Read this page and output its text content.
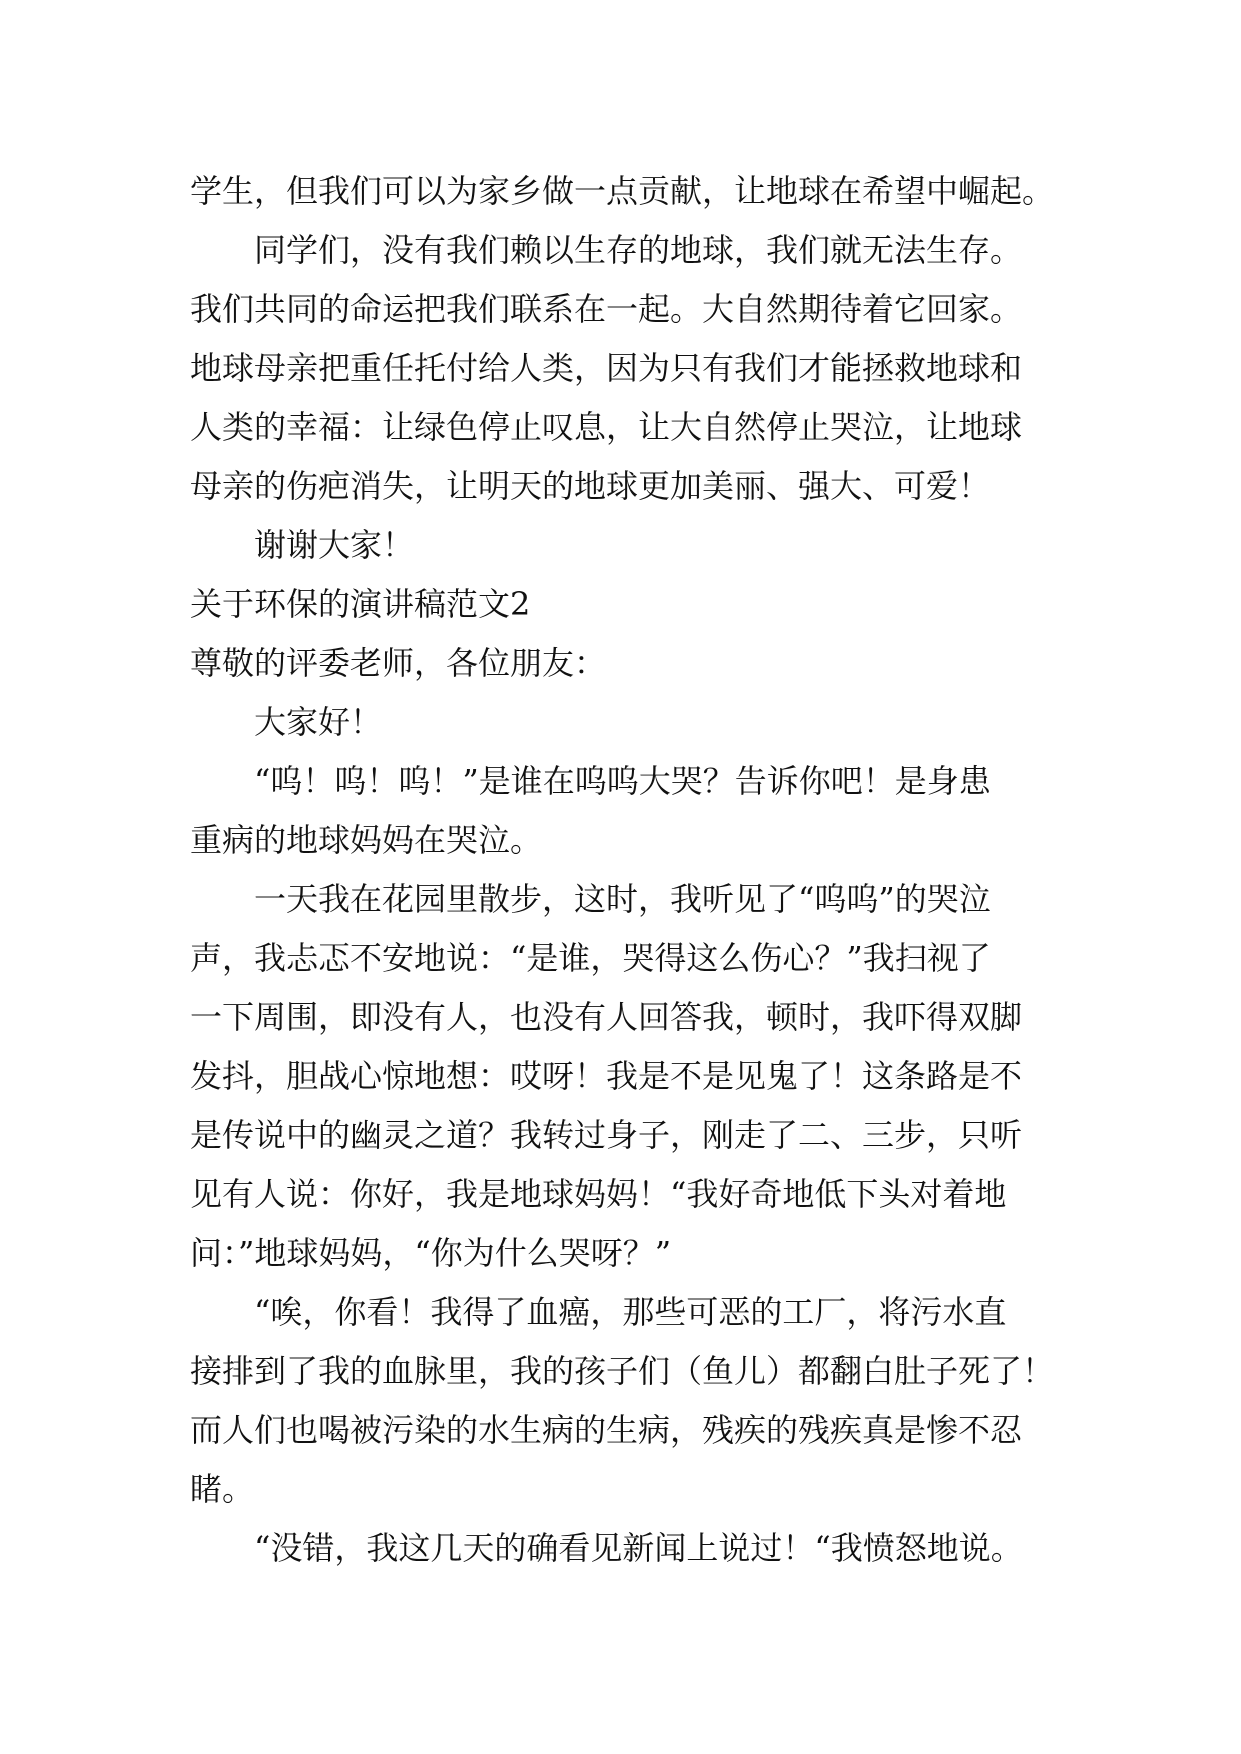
学生，但我们可以为家乡做一点贡献，让地球在希望中崛起。
同学们，没有我们赖以生存的地球，我们就无法生存。
我们共同的命运把我们联系在一起。大自然期待着它回家。
地球母亲把重任托付给人类，因为只有我们才能拯救地球和
人类的幸福：让绿色停止叹息，让大自然停止哭泣，让地球
母亲的伤疤消失，让明天的地球更加美丽、强大、可爱！
谢谢大家！
关于环保的演讲稿范文2
尊敬的评委老师，各位朋友：
大家好！
“呜！呜！呜！”是谁在呜呜大哭？告诉你吧！是身患
重病的地球妈妈在哭泣。
一天我在花园里散步，这时，我听见了“呜呜”的哭泣
声，我忐忑不安地说：“是谁，哭得这么伤心？”我扫视了
一下周围，即没有人，也没有人回答我，顿时，我吓得双脚
发抖，胆战心惊地想：哎呀！我是不是见鬼了！这条路是不
是传说中的幽灵之道？我转过身子，刚走了二、三步，只听
见有人说：你好，我是地球妈妈！“我好奇地低下头对着地
问：”地球妈妈，“你为什么哭呀？”
“唉，你看！我得了血癌，那些可恶的工厂，将污水直
接排到了我的血脉里，我的孩子们（鱼儿）都翻白肚子死了！
而人们也喝被污染的水生病的生病，残疾的残疾真是惨不忍
睹。
“没错，我这几天的确看见新闻上说过！“我愤怒地说。
